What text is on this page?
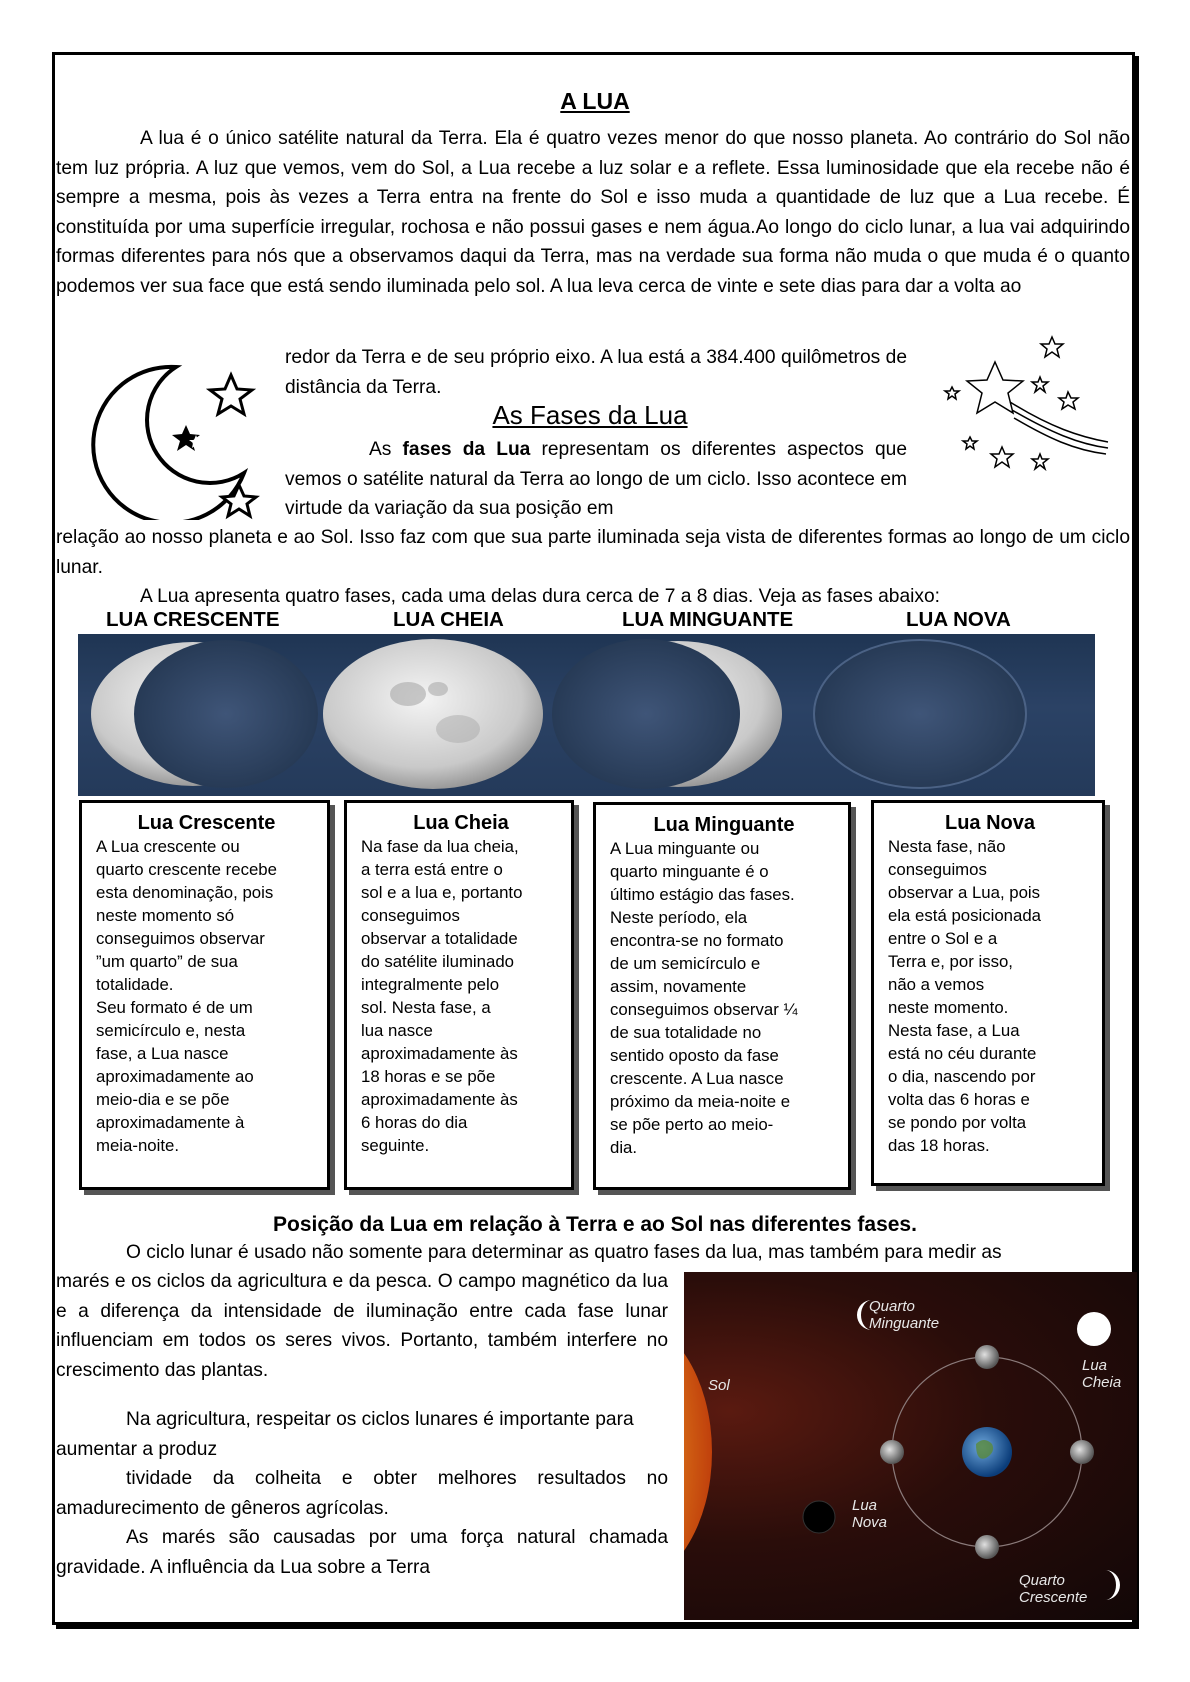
A LUA
A lua é o único satélite natural da Terra. Ela é quatro vezes menor do que nosso planeta. Ao contrário do Sol não tem luz própria. A luz que vemos, vem do Sol, a Lua recebe a luz solar e a reflete. Essa luminosidade que ela recebe não é sempre a mesma, pois às vezes a Terra entra na frente do Sol e isso muda a quantidade de luz que a Lua recebe. É constituída por uma superfície irregular, rochosa e não possui gases e nem água.Ao longo do ciclo lunar, a lua vai adquirindo formas diferentes para nós que a observamos daqui da Terra, mas na verdade sua forma não muda o que muda é o quanto podemos ver sua face que está sendo iluminada pelo sol. A lua leva cerca de vinte e sete dias para dar a volta ao
redor da Terra e de seu próprio eixo. A lua está a 384.400 quilômetros de distância da Terra.
As Fases da Lua
As fases da Lua representam os diferentes aspectos que vemos o satélite natural da Terra ao longo de um ciclo. Isso acontece em virtude da variação da sua posição em
relação ao nosso planeta e ao Sol. Isso faz com que sua parte iluminada seja vista de diferentes formas ao longo de um ciclo lunar.
A Lua apresenta quatro fases, cada uma delas dura cerca de 7 a 8 dias. Veja as fases abaixo:
LUA CRESCENTE	LUA CHEIA	LUA MINGUANTE	LUA NOVA
Lua Crescente

A Lua crescente ou
quarto crescente recebe
esta denominação, pois
neste momento só
conseguimos observar
”um quarto” de sua
totalidade.
Seu formato é de um
semicírculo e, nesta
fase, a Lua nasce
aproximadamente ao
meio-dia e se põe
aproximadamente à
meia-noite.

Lua Cheia

Na fase da lua cheia,
a terra está entre o
sol e a lua e, portanto
conseguimos
observar a totalidade
do satélite iluminado
integralmente pelo
sol. Nesta fase, a
lua nasce
aproximadamente às
18 horas e se põe
aproximadamente às
6 horas do dia
seguinte.

Lua Minguante

A Lua minguante ou
quarto minguante é o
último estágio das fases.
Neste período, ela
encontra-se no formato
de um semicírculo e
assim, novamente
conseguimos observar ¼
de sua totalidade no
sentido oposto da fase
crescente. A Lua nasce
próximo da meia-noite e
se põe perto ao meio-
dia.

Lua Nova

Nesta fase, não
conseguimos
observar a Lua, pois
ela está posicionada
entre o Sol e a
Terra e, por isso,
não a vemos
neste momento.
Nesta fase, a Lua
está no céu durante
o dia, nascendo por
volta das 6 horas e
se pondo por volta
das 18 horas.

Posição da Lua em relação à Terra e ao Sol nas diferentes fases.
O ciclo lunar é usado não somente para determinar as quatro fases da lua, mas também para medir as
marés e os ciclos da agricultura e da pesca. O campo magnético da lua e a diferença da intensidade de iluminação entre cada fase lunar influenciam em todos os seres vivos. Portanto, também interfere no crescimento das plantas.
Na agricultura, respeitar os ciclos lunares é importante para aumentar a produz
tividade da colheita e obter melhores resultados no amadurecimento de gêneros agrícolas.
As marés são causadas por uma força natural chamada gravidade. A influência da Lua sobre a Terra
Sol
Quarto
Minguante
Lua
Cheia
Lua
Nova
Quarto
Crescente
